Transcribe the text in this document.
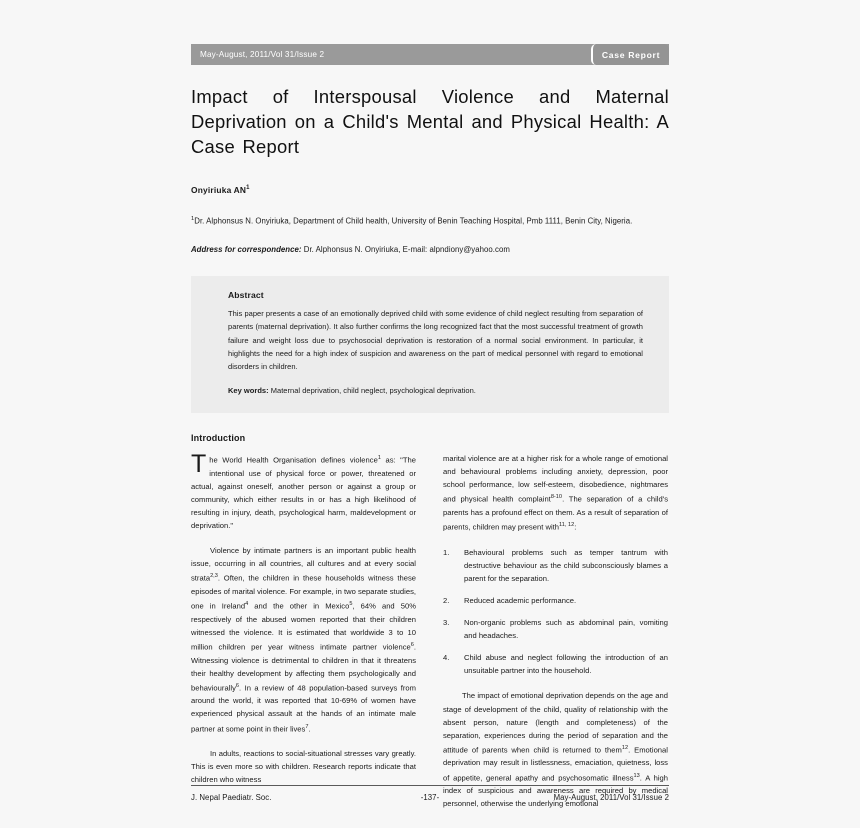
May-August, 2011/Vol 31/Issue 2	Case Report
Impact of Interspousal Violence and Maternal Deprivation on a Child's Mental and Physical Health: A Case Report
Onyiriuka $AN^1$
$^1$Dr. Alphonsus N. Onyiriuka, Department of Child health, University of Benin Teaching Hospital, Pmb 1111, Benin City, Nigeria.
Address for correspondence: Dr. Alphonsus N. Onyiriuka, E-mail: alpndiony@yahoo.com
Abstract
This paper presents a case of an emotionally deprived child with some evidence of child neglect resulting from separation of parents (maternal deprivation). It also further confirms the long recognized fact that the most successful treatment of growth failure and weight loss due to psychosocial deprivation is restoration of a normal social environment. In particular, it highlights the need for a high index of suspicion and awareness on the part of medical personnel with regard to emotional disorders in children.
Key words: Maternal deprivation, child neglect, psychological deprivation.
Introduction

The World Health Organisation defines violence$^1$ as: "The intentional use of physical force or power, threatened or actual, against oneself, another person or against a group or community, which either results in or has a high likelihood of resulting in injury, death, psychological harm, maldevelopment or deprivation."

Violence by intimate partners is an important public health issue, occurring in all countries, all cultures and at every social strata$^{2,3}$. Often, the children in these households witness these episodes of marital violence. For example, in two separate studies, one in Ireland$^4$ and the other in Mexico$^5$, 64% and 50% respectively of the abused women reported that their children witnessed the violence. It is estimated that worldwide 3 to 10 million children per year witness intimate partner violence$^6$. Witnessing violence is detrimental to children in that it threatens their healthy development by affecting them psychologically and behaviourally$^6$. In a review of 48 population-based surveys from around the world, it was reported that 10-69% of women have experienced physical assault at the hands of an intimate male partner at some point in their lives$^7$.

In adults, reactions to social-situational stresses vary greatly. This is even more so with children. Research reports indicate that children who witness

marital violence are at a higher risk for a whole range of emotional and behavioural problems including anxiety, depression, poor school performance, low self-esteem, disobedience, nightmares and physical health complaint$^{8-10}$. The separation of a child's parents has a profound effect on them. As a result of separation of parents, children may present with$^{11, 12}$:

1.	Behavioural problems such as temper tantrum with destructive behaviour as the child subconsciously blames a parent for the separation.
2.	Reduced academic performance.
3.	Non-organic problems such as abdominal pain, vomiting and headaches.
4.	Child abuse and neglect following the introduction of an unsuitable partner into the household.

The impact of emotional deprivation depends on the age and stage of development of the child, quality of relationship with the absent person, nature (length and completeness) of the separation, experiences during the period of separation and the attitude of parents when child is returned to them$^{12}$. Emotional deprivation may result in listlessness, emaciation, quietness, loss of appetite, general apathy and psychosomatic illness$^{13}$. A high index of suspicious and awareness are required by medical personnel, otherwise the underlying emotional

J. Nepal Paediatr. Soc.	-137-	May-August, 2011/Vol 31/Issue 2
